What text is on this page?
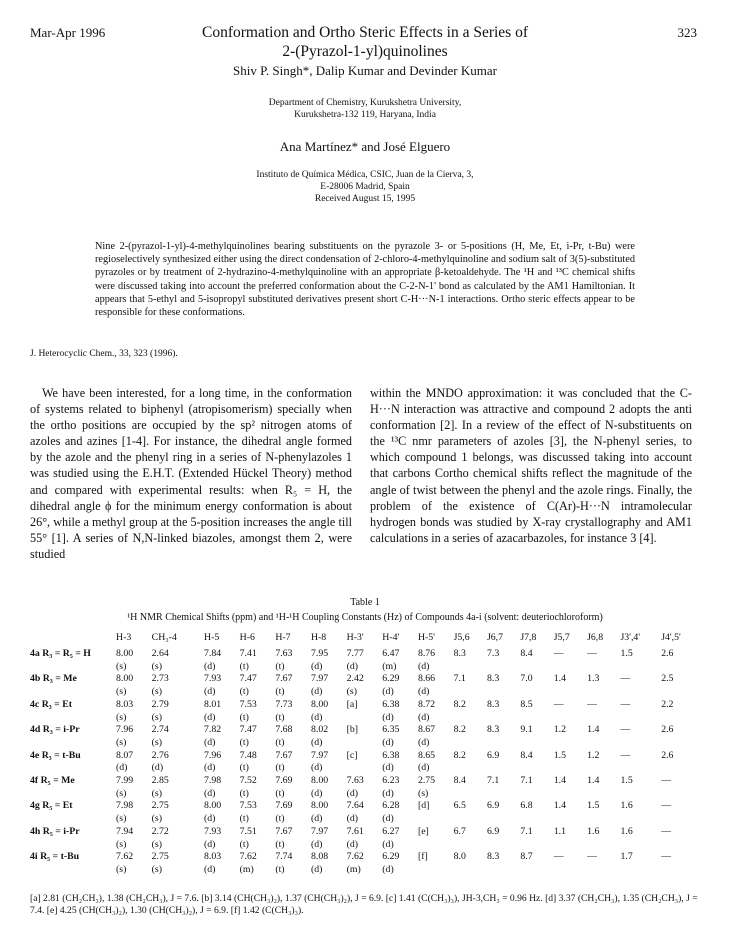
Mar-Apr 1996	323
Conformation and Ortho Steric Effects in a Series of
2-(Pyrazol-1-yl)quinolines
Shiv P. Singh*, Dalip Kumar and Devinder Kumar
Department of Chemistry, Kurukshetra University,
Kurukshetra-132 119, Haryana, India
Ana Martínez* and José Elguero
Instituto de Química Médica, CSIC, Juan de la Cierva, 3,
E-28006 Madrid, Spain
Received August 15, 1995
Nine 2-(pyrazol-1-yl)-4-methylquinolines bearing substituents on the pyrazole 3- or 5-positions (H, Me, Et, i-Pr, t-Bu) were regioselectively synthesized either using the direct condensation of 2-chloro-4-methylquinoline and sodium salt of 3(5)-substituted pyrazoles or by treatment of 2-hydrazino-4-methylquinoline with an appropriate β-ketoaldehyde. The ¹H and ¹³C chemical shifts were discussed taking into account the preferred conformation about the C-2-N-1' bond as calculated by the AM1 Hamiltonian. It appears that 5-ethyl and 5-isopropyl substituted derivatives present short C-H···N-1 interactions. Ortho steric effects appear to be responsible for these conformations.
J. Heterocyclic Chem., 33, 323 (1996).
We have been interested, for a long time, in the conformation of systems related to biphenyl (atropisomerism) specially when the ortho positions are occupied by the sp² nitrogen atoms of azoles and azines [1-4]. For instance, the dihedral angle formed by the azole and the phenyl ring in a series of N-phenylazoles 1 was studied using the E.H.T. (Extended Hückel Theory) method and compared with experimental results: when R₅ = H, the dihedral angle ϕ for the minimum energy conformation is about 26°, while a methyl group at the 5-position increases the angle till 55° [1]. A series of N,N-linked biazoles, amongst them 2, were studied
within the MNDO approximation: it was concluded that the C-H···N interaction was attractive and compound 2 adopts the anti conformation [2]. In a review of the effect of N-substituents on the ¹³C nmr parameters of azoles [3], the N-phenyl series, to which compound 1 belongs, was discussed taking into account that carbons Cortho chemical shifts reflect the magnitude of the angle of twist between the phenyl and the azole rings. Finally, the problem of the existence of C(Ar)-H···N intramolecular hydrogen bonds was studied by X-ray crystallography and AM1 calculations in a series of azacarbazoles, for instance 3 [4].
Table 1
¹H NMR Chemical Shifts (ppm) and ¹H-¹H Coupling Constants (Hz) of Compounds 4a-i (solvent: deuteriochloroform)
	H-3	CH₃-4	H-5	H-6	H-7	H-8	H-3'	H-4'	H-5'	J5,6	J6,7	J7,8	J5,7	J6,8	J3',4'	J4',5'
4a R₃ = R₅ = H	8.00	2.64	7.84	7.41	7.63	7.95	7.77	6.47	8.76	8.3	7.3	8.4	—	—	1.5	2.6
	(s)	(s)	(d)	(t)	(t)	(d)	(d)	(m)	(d)							
4b R₃ = Me	8.00	2.73	7.93	7.47	7.67	7.97	2.42	6.29	8.66	7.1	8.3	7.0	1.4	1.3	—	2.5
	(s)	(s)	(d)	(t)	(t)	(d)	(s)	(d)	(d)							
4c R₃ = Et	8.03	2.79	8.01	7.53	7.73	8.00	[a]	6.38	8.72	8.2	8.3	8.5	—	—	—	2.2
	(s)	(s)	(d)	(t)	(t)	(d)		(d)	(d)							
4d R₃ = i-Pr	7.96	2.74	7.82	7.47	7.68	8.02	[b]	6.35	8.67	8.2	8.3	9.1	1.2	1.4	—	2.6
	(s)	(s)	(d)	(t)	(t)	(d)		(d)	(d)							
4e R₃ = t-Bu	8.07	2.76	7.96	7.48	7.67	7.97	[c]	6.38	8.65	8.2	6.9	8.4	1.5	1.2	—	2.6
	(d)	(d)	(d)	(t)	(t)	(d)		(d)	(d)							
4f R₅ = Me	7.99	2.85	7.98	7.52	7.69	8.00	7.63	6.23	2.75	8.4	7.1	7.1	1.4	1.4	1.5	—
	(s)	(s)	(d)	(t)	(t)	(d)	(d)	(d)	(s)							
4g R₅ = Et	7.98	2.75	8.00	7.53	7.69	8.00	7.64	6.28	[d]	6.5	6.9	6.8	1.4	1.5	1.6	—
	(s)	(s)	(d)	(t)	(t)	(d)	(d)	(d)								
4h R₅ = i-Pr	7.94	2.72	7.93	7.51	7.67	7.97	7.61	6.27	[e]	6.7	6.9	7.1	1.1	1.6	1.6	—
	(s)	(s)	(d)	(t)	(t)	(d)	(d)	(d)								
4i R₅ = t-Bu	7.62	2.75	8.03	7.62	7.74	8.08	7.62	6.29	[f]	8.0	8.3	8.7	—	—	1.7	—
	(s)	(s)	(d)	(m)	(t)	(d)	(m)	(d)								
[a] 2.81 (CH₂CH₃), 1.38 (CH₂CH₃), J = 7.6. [b] 3.14 (CH(CH₃)₂), 1.37 (CH(CH₃)₂), J = 6.9. [c] 1.41 (C(CH₃)₃), JH-3,CH₃ = 0.96 Hz. [d] 3.37 (CH₂CH₃), 1.35 (CH₂CH₃), J = 7.4. [e] 4.25 (CH(CH₃)₂), 1.30 (CH(CH₃)₂), J = 6.9. [f] 1.42 (C(CH₃)₃).
